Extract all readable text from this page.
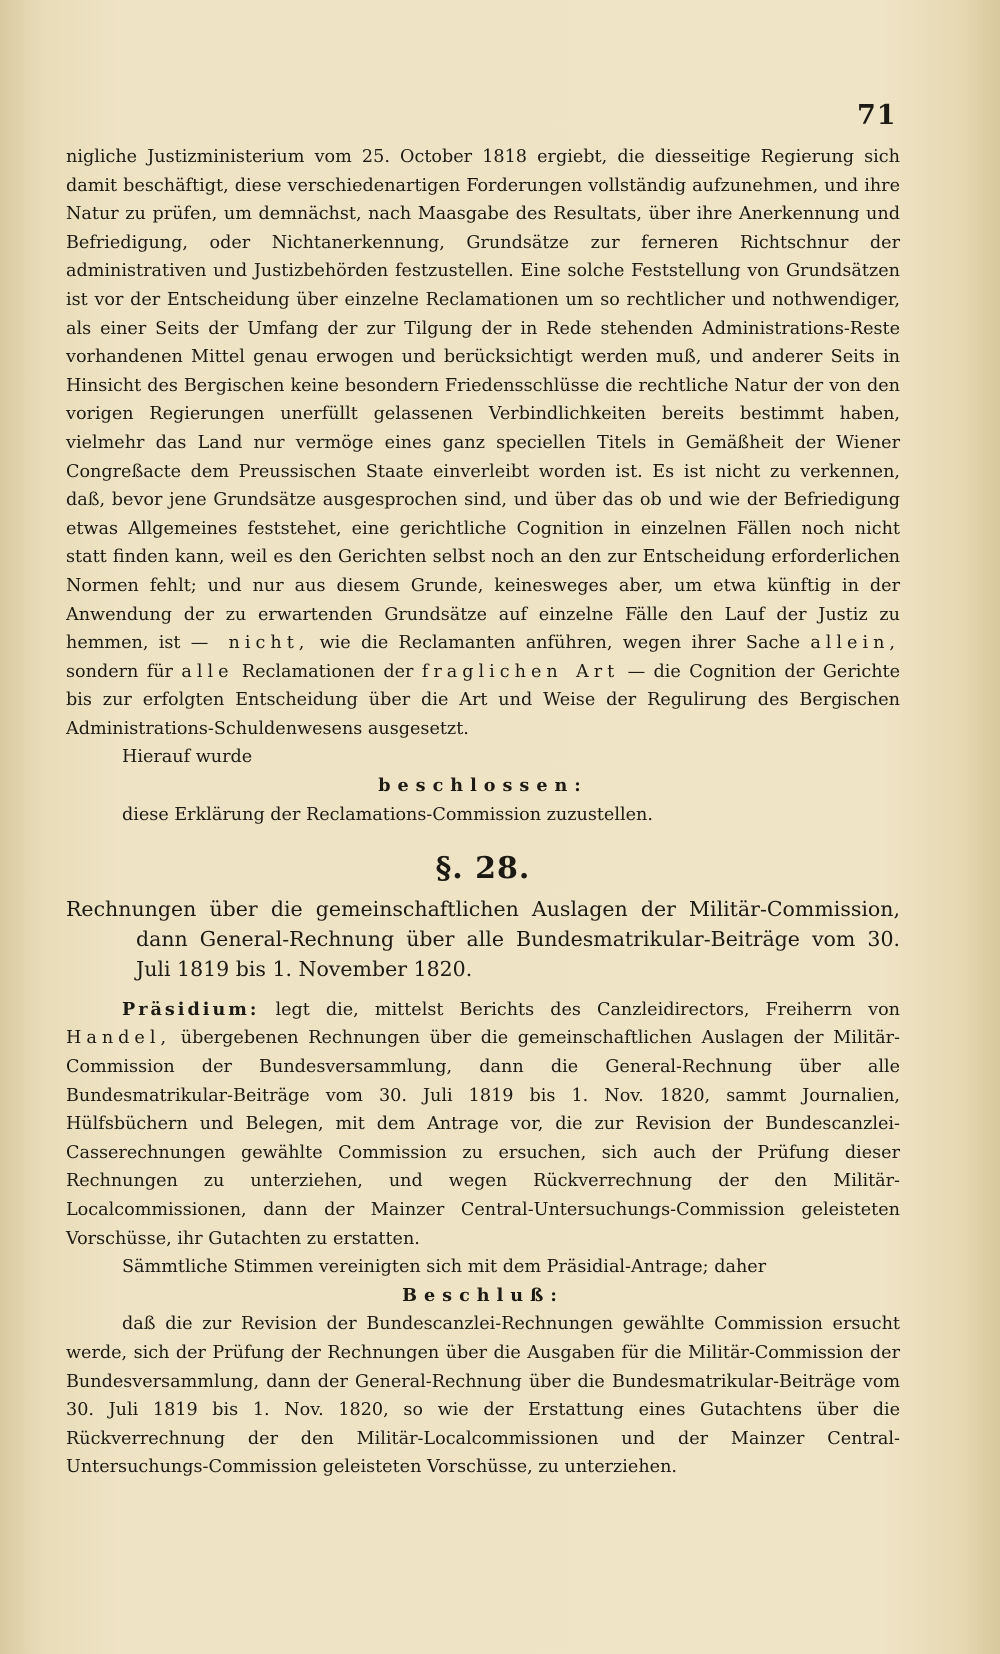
71

nigliche Justizministerium vom 25. October 1818 ergiebt, die diesseitige Regierung sich damit beschäftigt, diese verschiedenartigen Forderungen vollständig aufzunehmen, und ihre Natur zu prüfen, um demnächst, nach Maasgabe des Resultats, über ihre Anerkennung und Befriedigung, oder Nichtanerkennung, Grundsätze zur ferneren Richtschnur der administrativen und Justizbehörden festzustellen. Eine solche Feststellung von Grundsätzen ist vor der Entscheidung über einzelne Reclamationen um so rechtlicher und nothwendiger, als einer Seits der Umfang der zur Tilgung der in Rede stehenden Administrations-Reste vorhandenen Mittel genau erwogen und berücksichtigt werden muß, und anderer Seits in Hinsicht des Bergischen keine besondern Friedensschlüsse die rechtliche Natur der von den vorigen Regierungen unerfüllt gelassenen Verbindlichkeiten bereits bestimmt haben, vielmehr das Land nur vermöge eines ganz speciellen Titels in Gemäßheit der Wiener Congreßacte dem Preussischen Staate einverleibt worden ist. Es ist nicht zu verkennen, daß, bevor jene Grundsätze ausgesprochen sind, und über das ob und wie der Befriedigung etwas Allgemeines feststehet, eine gerichtliche Cognition in einzelnen Fällen noch nicht statt finden kann, weil es den Gerichten selbst noch an den zur Entscheidung erforderlichen Normen fehlt; und nur aus diesem Grunde, keinesweges aber, um etwa künftig in der Anwendung der zu erwartenden Grundsätze auf einzelne Fälle den Lauf der Justiz zu hemmen, ist — nicht, wie die Reclamanten anführen, wegen ihrer Sache allein, sondern für alle Reclamationen der fraglichen Art — die Cognition der Gerichte bis zur erfolgten Entscheidung über die Art und Weise der Regulirung des Bergischen Administrations-Schuldenwesens ausgesetzt.

Hierauf wurde

beschlossen:

diese Erklärung der Reclamations-Commission zuzustellen.

§. 28.

Rechnungen über die gemeinschaftlichen Auslagen der Militär-Commission, dann General-Rechnung über alle Bundesmatrikular-Beiträge vom 30. Juli 1819 bis 1. November 1820.

Präsidium: legt die, mittelst Berichts des Canzleidirectors, Freiherrn von Handel, übergebenen Rechnungen über die gemeinschaftlichen Auslagen der Militär-Commission der Bundesversammlung, dann die General-Rechnung über alle Bundesmatrikular-Beiträge vom 30. Juli 1819 bis 1. Nov. 1820, sammt Journalien, Hülfsbüchern und Belegen, mit dem Antrage vor, die zur Revision der Bundescanzlei-Casserechnungen gewählte Commission zu ersuchen, sich auch der Prüfung dieser Rechnungen zu unterziehen, und wegen Rückverrechnung der den Militär-Localcommissionen, dann der Mainzer Central-Untersuchungs-Commission geleisteten Vorschüsse, ihr Gutachten zu erstatten.

Sämmtliche Stimmen vereinigten sich mit dem Präsidial-Antrage; daher

Beschluß:

daß die zur Revision der Bundescanzlei-Rechnungen gewählte Commission ersucht werde, sich der Prüfung der Rechnungen über die Ausgaben für die Militär-Commission der Bundesversammlung, dann der General-Rechnung über die Bundesmatrikular-Beiträge vom 30. Juli 1819 bis 1. Nov. 1820, so wie der Erstattung eines Gutachtens über die Rückverrechnung der den Militär-Localcommissionen und der Mainzer Central-Untersuchungs-Commission geleisteten Vorschüsse, zu unterziehen.
